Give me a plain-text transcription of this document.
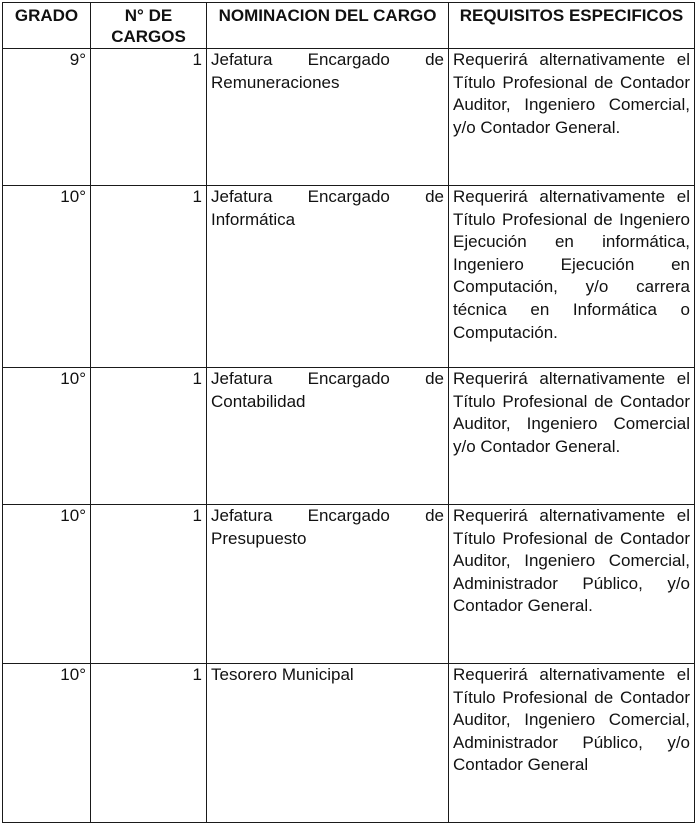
GRADO	N° DE CARGOS	NOMINACION DEL CARGO	REQUISITOS ESPECIFICOS
9°	1	Jefatura Encargado de Remuneraciones	Requerirá alternativamente el Título Profesional de Contador Auditor, Ingeniero Comercial, y/o Contador General.
10°	1	Jefatura Encargado de Informática	Requerirá alternativamente el Título Profesional de Ingeniero Ejecución en informática, Ingeniero Ejecución en Computación, y/o carrera técnica en Informática o Computación.
10°	1	Jefatura Encargado de Contabilidad	Requerirá alternativamente el Título Profesional de Contador Auditor, Ingeniero Comercial y/o Contador General.
10°	1	Jefatura Encargado de Presupuesto	Requerirá alternativamente el Título Profesional de Contador Auditor, Ingeniero Comercial, Administrador Público, y/o Contador General.
10°	1	Tesorero Municipal	Requerirá alternativamente el Título Profesional de Contador Auditor, Ingeniero Comercial, Administrador Público, y/o Contador General
